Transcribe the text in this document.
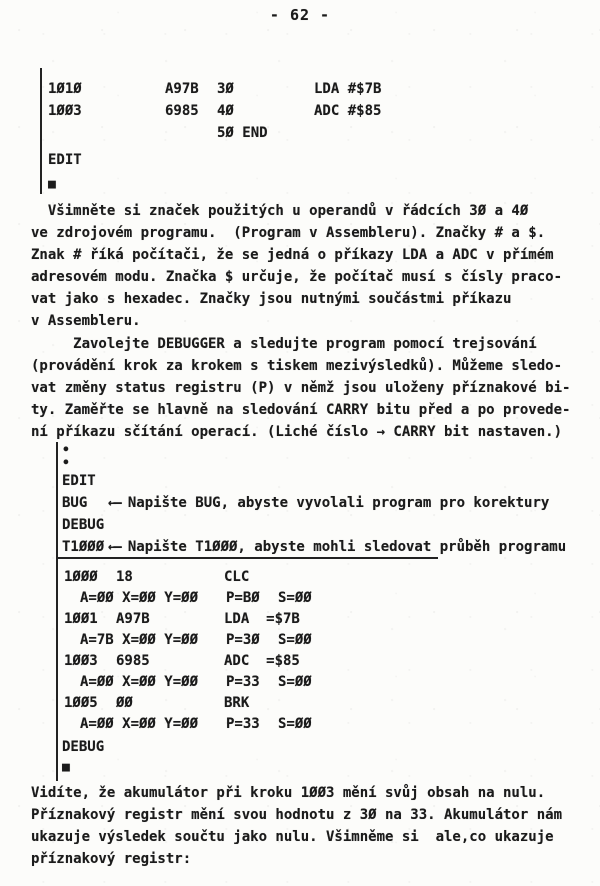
- 62 -
1Ø1Ø	A97B	3Ø	LDA #$7B
1ØØ3	6985	4Ø	ADC #$85
5Ø END
EDIT
■
Všimněte si značek použitých u operandů v řádcích 3Ø a 4Ø
ve zdrojovém programu.  (Program v Assembleru). Značky # a $.
Znak # říká počítači, že se jedná o příkazy LDA a ADC v přímém
adresovém modu. Značka $ určuje, že počítač musí s čísly praco-
vat jako s hexadec. Značky jsou nutnými součástmi příkazu
v Assembleru.
Zavolejte DEBUGGER a sledujte program pomocí trejsování
(provádění krok za krokem s tiskem mezivýsledků). Můžeme sledo-
vat změny status registru (P) v němž jsou uloženy příznakové bi-
ty. Zaměřte se hlavně na sledování CARRY bitu před a po provede-
ní příkazu sčítání operací. (Liché číslo → CARRY bit nastaven.)
•
•
EDIT
BUG	←— Napište BUG, abyste vyvolali program pro korektury
DEBUG
T1ØØØ ←— Napište T1ØØØ, abyste mohli sledovat průběh programu
1ØØØ	18	CLC
A=ØØ X=ØØ Y=ØØ	P=BØ	S=ØØ
1ØØ1	A97B	LDA  =$7B
A=7B X=ØØ Y=ØØ	P=3Ø	S=ØØ
1ØØ3	6985	ADC  =$85
A=ØØ X=ØØ Y=ØØ	P=33	S=ØØ
1ØØ5	ØØ	BRK
A=ØØ X=ØØ Y=ØØ	P=33	S=ØØ
DEBUG
■
Vidíte, že akumulátor při kroku 1ØØ3 mění svůj obsah na nulu.
Příznakový registr mění svou hodnotu z 3Ø na 33. Akumulátor nám
ukazuje výsledek součtu jako nulu. Všimněme si  ale,co ukazuje
příznakový registr:
